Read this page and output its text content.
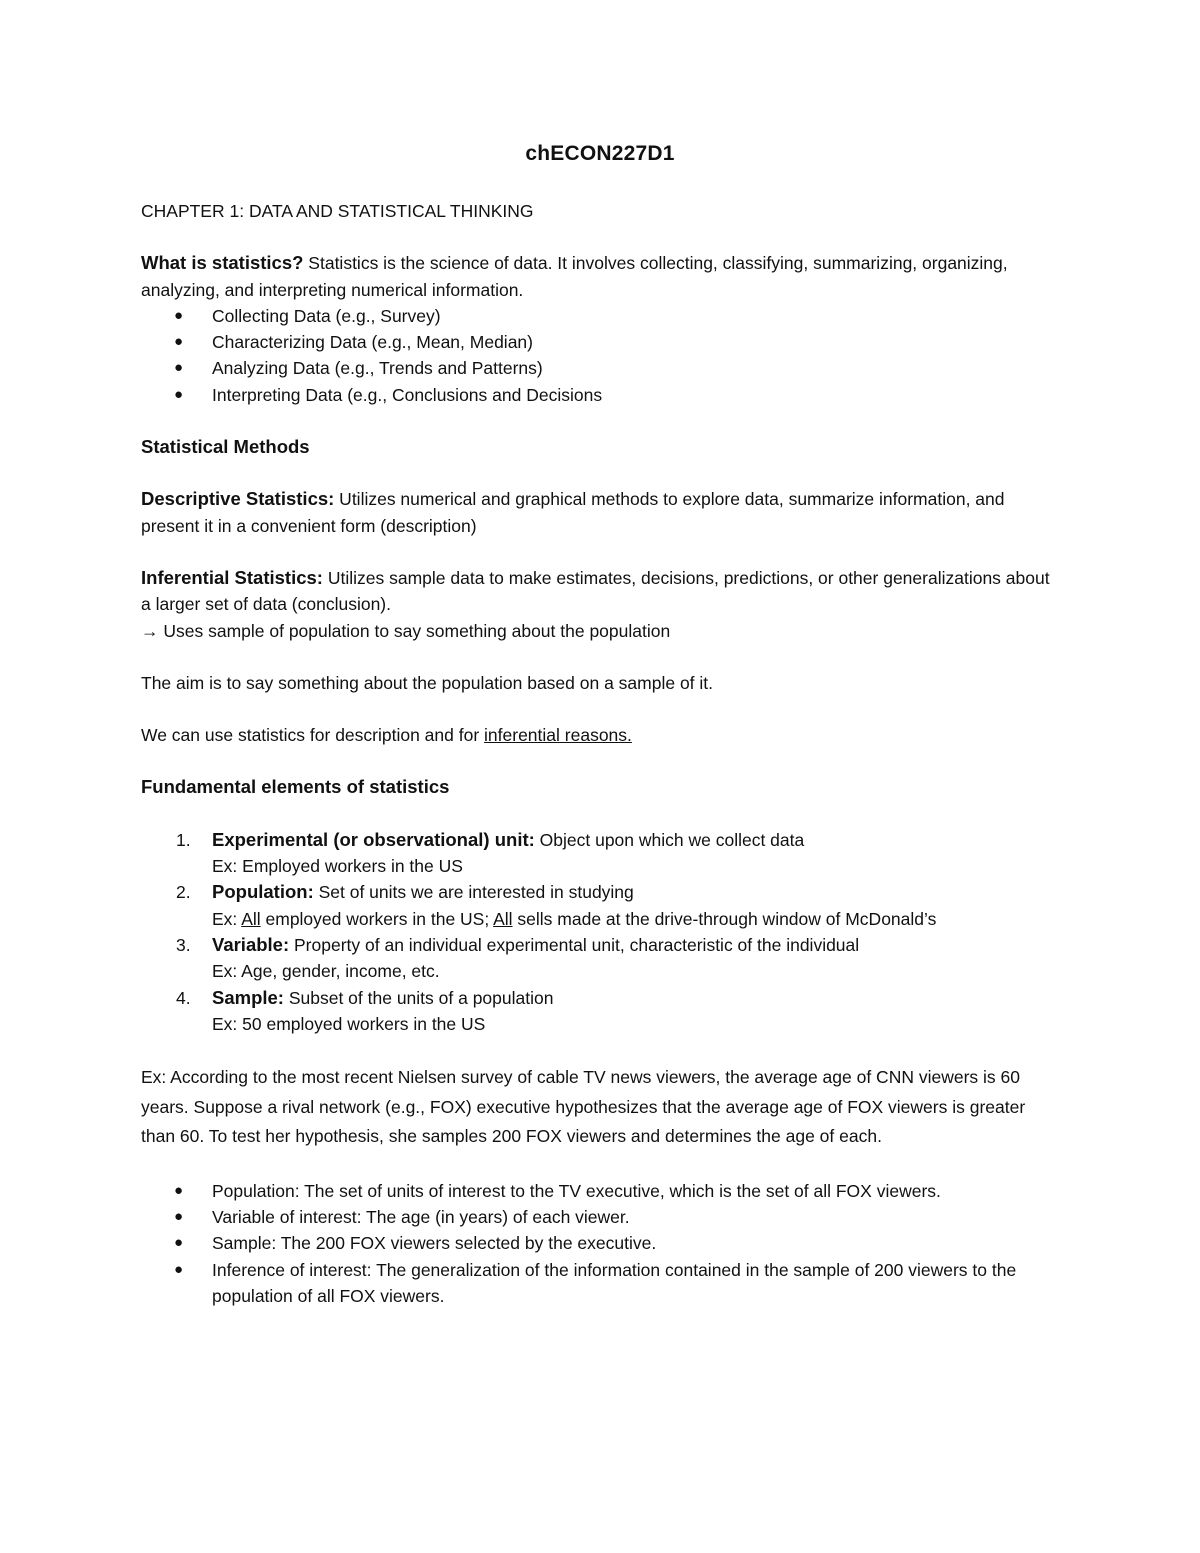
chECON227D1

CHAPTER 1: DATA AND STATISTICAL THINKING

What is statistics? Statistics is the science of data. It involves collecting, classifying, summarizing, organizing, analyzing, and interpreting numerical information.

● Collecting Data (e.g., Survey)
● Characterizing Data (e.g., Mean, Median)
● Analyzing Data (e.g., Trends and Patterns)
● Interpreting Data (e.g., Conclusions and Decisions

Statistical Methods

Descriptive Statistics: Utilizes numerical and graphical methods to explore data, summarize information, and present it in a convenient form (description)

Inferential Statistics: Utilizes sample data to make estimates, decisions, predictions, or other generalizations about a larger set of data (conclusion).

→ Uses sample of population to say something about the population

The aim is to say something about the population based on a sample of it.

We can use statistics for description and for inferential reasons.

Fundamental elements of statistics

1. Experimental (or observational) unit: Object upon which we collect data
Ex: Employed workers in the US
2. Population: Set of units we are interested in studying
Ex: All employed workers in the US; All sells made at the drive-through window of McDonald’s
3. Variable: Property of an individual experimental unit, characteristic of the individual
Ex: Age, gender, income, etc.
4. Sample: Subset of the units of a population
Ex: 50 employed workers in the US

Ex: According to the most recent Nielsen survey of cable TV news viewers, the average age of CNN viewers is 60 years. Suppose a rival network (e.g., FOX) executive hypothesizes that the average age of FOX viewers is greater than 60. To test her hypothesis, she samples 200 FOX viewers and determines the age of each.

● Population: The set of units of interest to the TV executive, which is the set of all FOX viewers.
● Variable of interest: The age (in years) of each viewer.
● Sample: The 200 FOX viewers selected by the executive.
● Inference of interest: The generalization of the information contained in the sample of 200 viewers to the population of all FOX viewers.
